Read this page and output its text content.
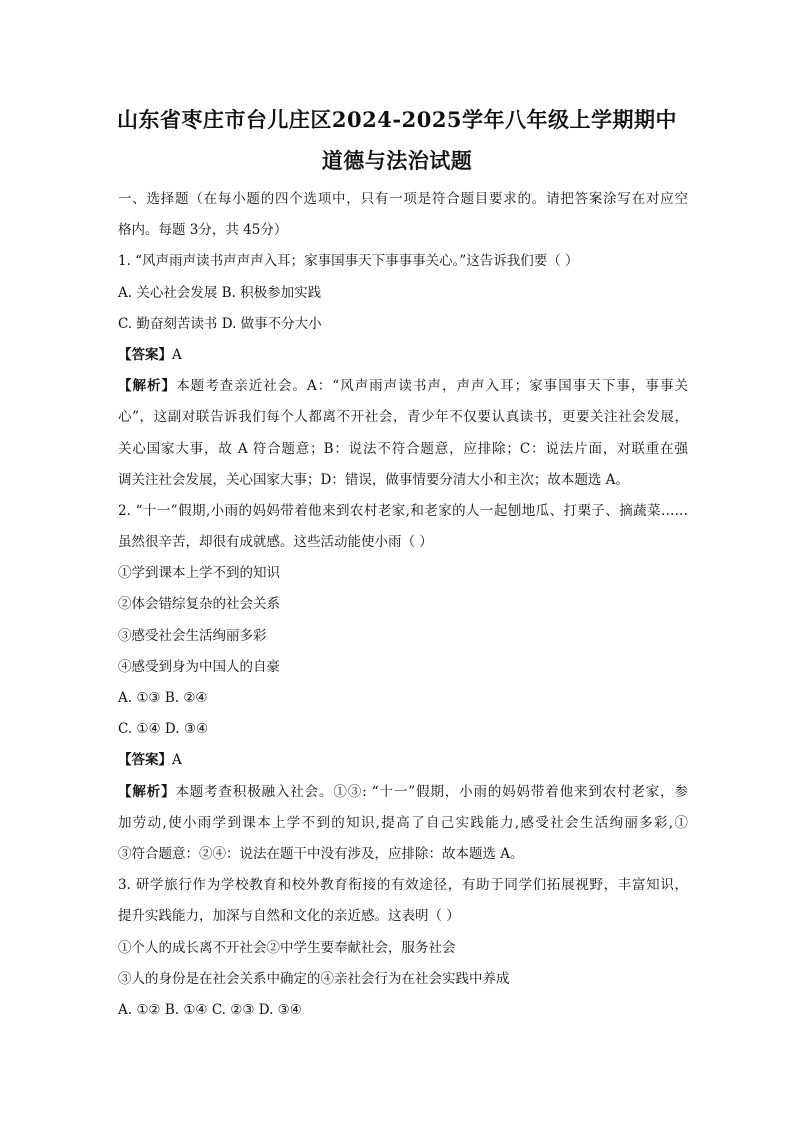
山东省枣庄市台儿庄区2024-2025学年八年级上学期期中
道德与法治试题
一、选择题（在每小题的四个选项中，只有一项是符合题目要求的。请把答案涂写在对应空
格内。每题 3分，共 45分）
1. “风声雨声读书声声声入耳；家事国事天下事事事关心。”这告诉我们要（ ）
A. 关心社会发展 B. 积极参加实践
C. 勤奋刻苦读书 D. 做事不分大小
【答案】A
【解析】本题考查亲近社会。A：“风声雨声读书声，声声入耳；家事国事天下事，事事关
心”，这副对联告诉我们每个人都离不开社会，青少年不仅要认真读书，更要关注社会发展，
关心国家大事，故 A 符合题意；B：说法不符合题意，应排除；C：说法片面，对联重在强
调关注社会发展，关心国家大事；D：错误，做事情要分清大小和主次；故本题选 A。
2. “十一”假期,小雨的妈妈带着他来到农村老家,和老家的人一起刨地瓜、打栗子、摘蔬菜……
虽然很辛苦，却很有成就感。这些活动能使小雨（ ）
①学到课本上学不到的知识
②体会错综复杂的社会关系
③感受社会生活绚丽多彩
④感受到身为中国人的自豪
A. ①③ B. ②④
C. ①④ D. ③④
【答案】A
【解析】本题考查积极融入社会。①③: “十一”假期，小雨的妈妈带着他来到农村老家，参
加劳动,使小雨学到课本上学不到的知识,提高了自己实践能力,感受社会生活绚丽多彩,①
③符合题意：②④：说法在题干中没有涉及，应排除：故本题选 A。
3. 研学旅行作为学校教育和校外教育衔接的有效途径，有助于同学们拓展视野，丰富知识，
提升实践能力，加深与自然和文化的亲近感。这表明（ ）
①个人的成长离不开社会②中学生要奉献社会，服务社会
③人的身份是在社会关系中确定的④亲社会行为在社会实践中养成
A. ①② B. ①④ C. ②③ D. ③④
